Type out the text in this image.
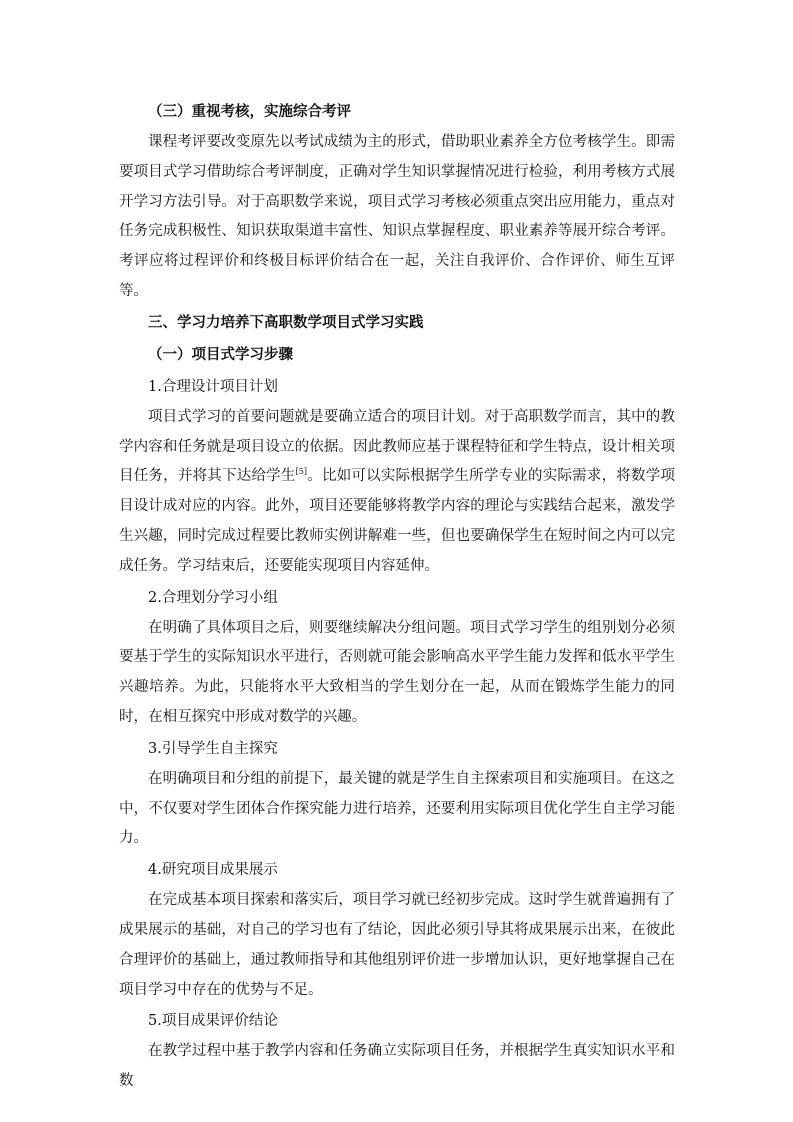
（三）重视考核，实施综合考评

课程考评要改变原先以考试成绩为主的形式，借助职业素养全方位考核学生。即需要项目式学习借助综合考评制度，正确对学生知识掌握情况进行检验，利用考核方式展开学习方法引导。对于高职数学来说，项目式学习考核必须重点突出应用能力，重点对任务完成积极性、知识获取渠道丰富性、知识点掌握程度、职业素养等展开综合考评。考评应将过程评价和终极目标评价结合在一起，关注自我评价、合作评价、师生互评等。

三、学习力培养下高职数学项目式学习实践

（一）项目式学习步骤

1.合理设计项目计划

项目式学习的首要问题就是要确立适合的项目计划。对于高职数学而言，其中的教学内容和任务就是项目设立的依据。因此教师应基于课程特征和学生特点，设计相关项目任务，并将其下达给学生[5]。比如可以实际根据学生所学专业的实际需求，将数学项目设计成对应的内容。此外，项目还要能够将教学内容的理论与实践结合起来，激发学生兴趣，同时完成过程要比教师实例讲解难一些，但也要确保学生在短时间之内可以完成任务。学习结束后，还要能实现项目内容延伸。

2.合理划分学习小组

在明确了具体项目之后，则要继续解决分组问题。项目式学习学生的组别划分必须要基于学生的实际知识水平进行，否则就可能会影响高水平学生能力发挥和低水平学生兴趣培养。为此，只能将水平大致相当的学生划分在一起，从而在锻炼学生能力的同时，在相互探究中形成对数学的兴趣。

3.引导学生自主探究

在明确项目和分组的前提下，最关键的就是学生自主探索项目和实施项目。在这之中，不仅要对学生团体合作探究能力进行培养，还要利用实际项目优化学生自主学习能力。

4.研究项目成果展示

在完成基本项目探索和落实后，项目学习就已经初步完成。这时学生就普遍拥有了成果展示的基础，对自己的学习也有了结论，因此必须引导其将成果展示出来，在彼此合理评价的基础上，通过教师指导和其他组别评价进一步增加认识，更好地掌握自己在项目学习中存在的优势与不足。

5.项目成果评价结论

在教学过程中基于教学内容和任务确立实际项目任务，并根据学生真实知识水平和数
